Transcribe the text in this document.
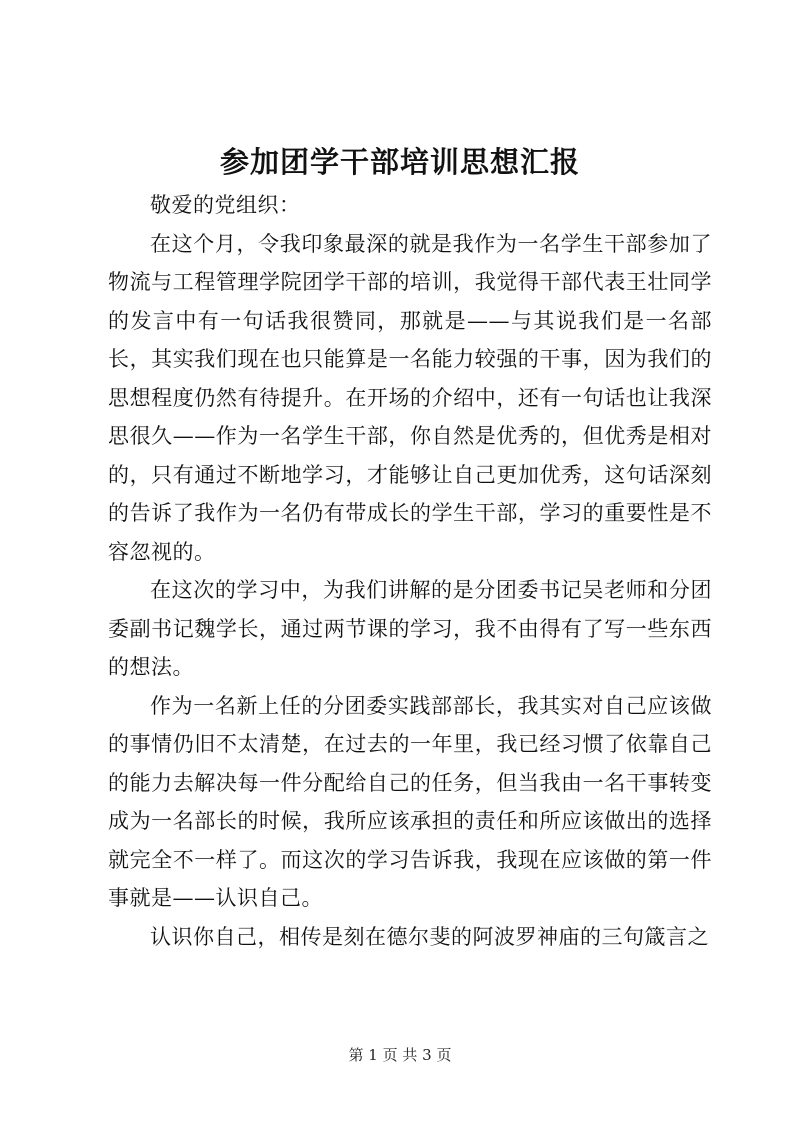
参加团学干部培训思想汇报

敬爱的党组织：

在这个月，令我印象最深的就是我作为一名学生干部参加了物流与工程管理学院团学干部的培训，我觉得干部代表王壮同学的发言中有一句话我很赞同，那就是——与其说我们是一名部长，其实我们现在也只能算是一名能力较强的干事，因为我们的思想程度仍然有待提升。在开场的介绍中，还有一句话也让我深思很久——作为一名学生干部，你自然是优秀的，但优秀是相对的，只有通过不断地学习，才能够让自己更加优秀，这句话深刻的告诉了我作为一名仍有带成长的学生干部，学习的重要性是不容忽视的。

在这次的学习中，为我们讲解的是分团委书记吴老师和分团委副书记魏学长，通过两节课的学习，我不由得有了写一些东西的想法。

作为一名新上任的分团委实践部部长，我其实对自己应该做的事情仍旧不太清楚，在过去的一年里，我已经习惯了依靠自己的能力去解决每一件分配给自己的任务，但当我由一名干事转变成为一名部长的时候，我所应该承担的责任和所应该做出的选择就完全不一样了。而这次的学习告诉我，我现在应该做的第一件事就是——认识自己。

认识你自己，相传是刻在德尔斐的阿波罗神庙的三句箴言之

第 1 页 共 3 页
